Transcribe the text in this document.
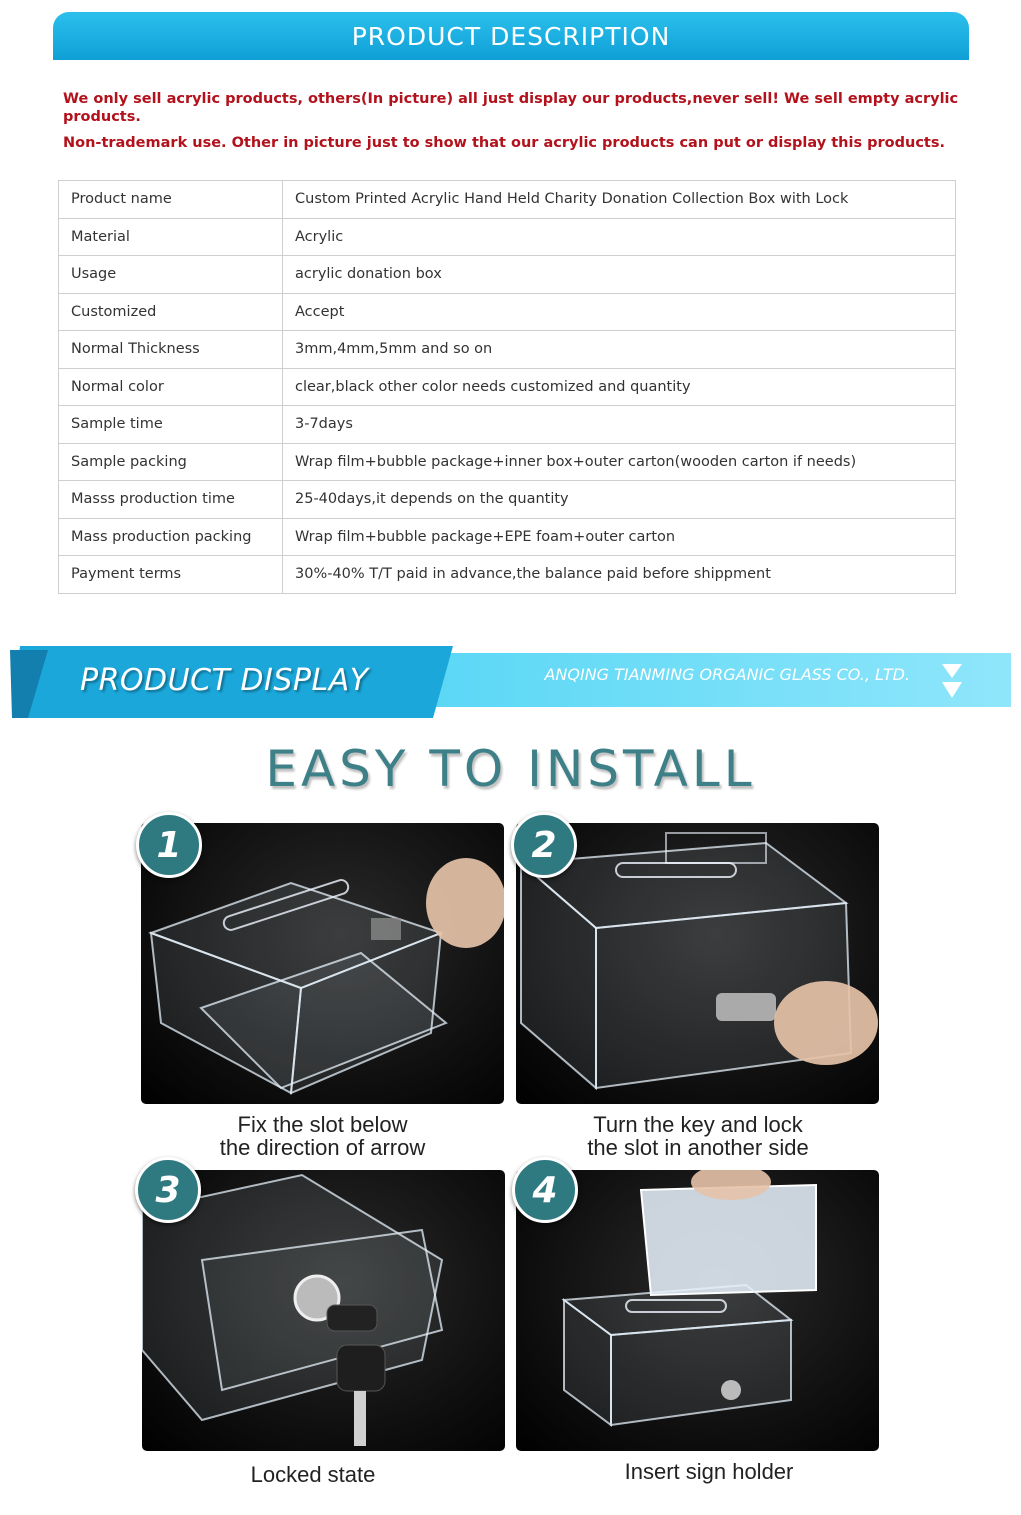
PRODUCT DESCRIPTION

We only sell acrylic products, others(In picture) all just display our products,never sell! We sell empty acrylic products.

Non-trademark use. Other in picture just to show that our acrylic products can put or display this products.

Product name	Custom Printed Acrylic Hand Held Charity Donation Collection Box with Lock
Material	Acrylic
Usage	acrylic donation box
Customized	Accept
Normal Thickness	3mm,4mm,5mm and so on
Normal color	clear,black other color needs customized and quantity
Sample time	3-7days
Sample packing	Wrap film+bubble package+inner box+outer carton(wooden carton if needs)
Masss production time	25-40days,it depends on the quantity
Mass production packing	Wrap film+bubble package+EPE foam+outer carton
Payment terms	30%-40% T/T paid in advance,the balance paid before shippment
PRODUCT DISPLAY	ANQING TIANMING ORGANIC GLASS CO., LTD.
EASY TO INSTALL
1
Fix the slot below
the direction of arrow
2
Turn the key and lock
the slot in another side
3
Locked state
4
Insert sign holder
